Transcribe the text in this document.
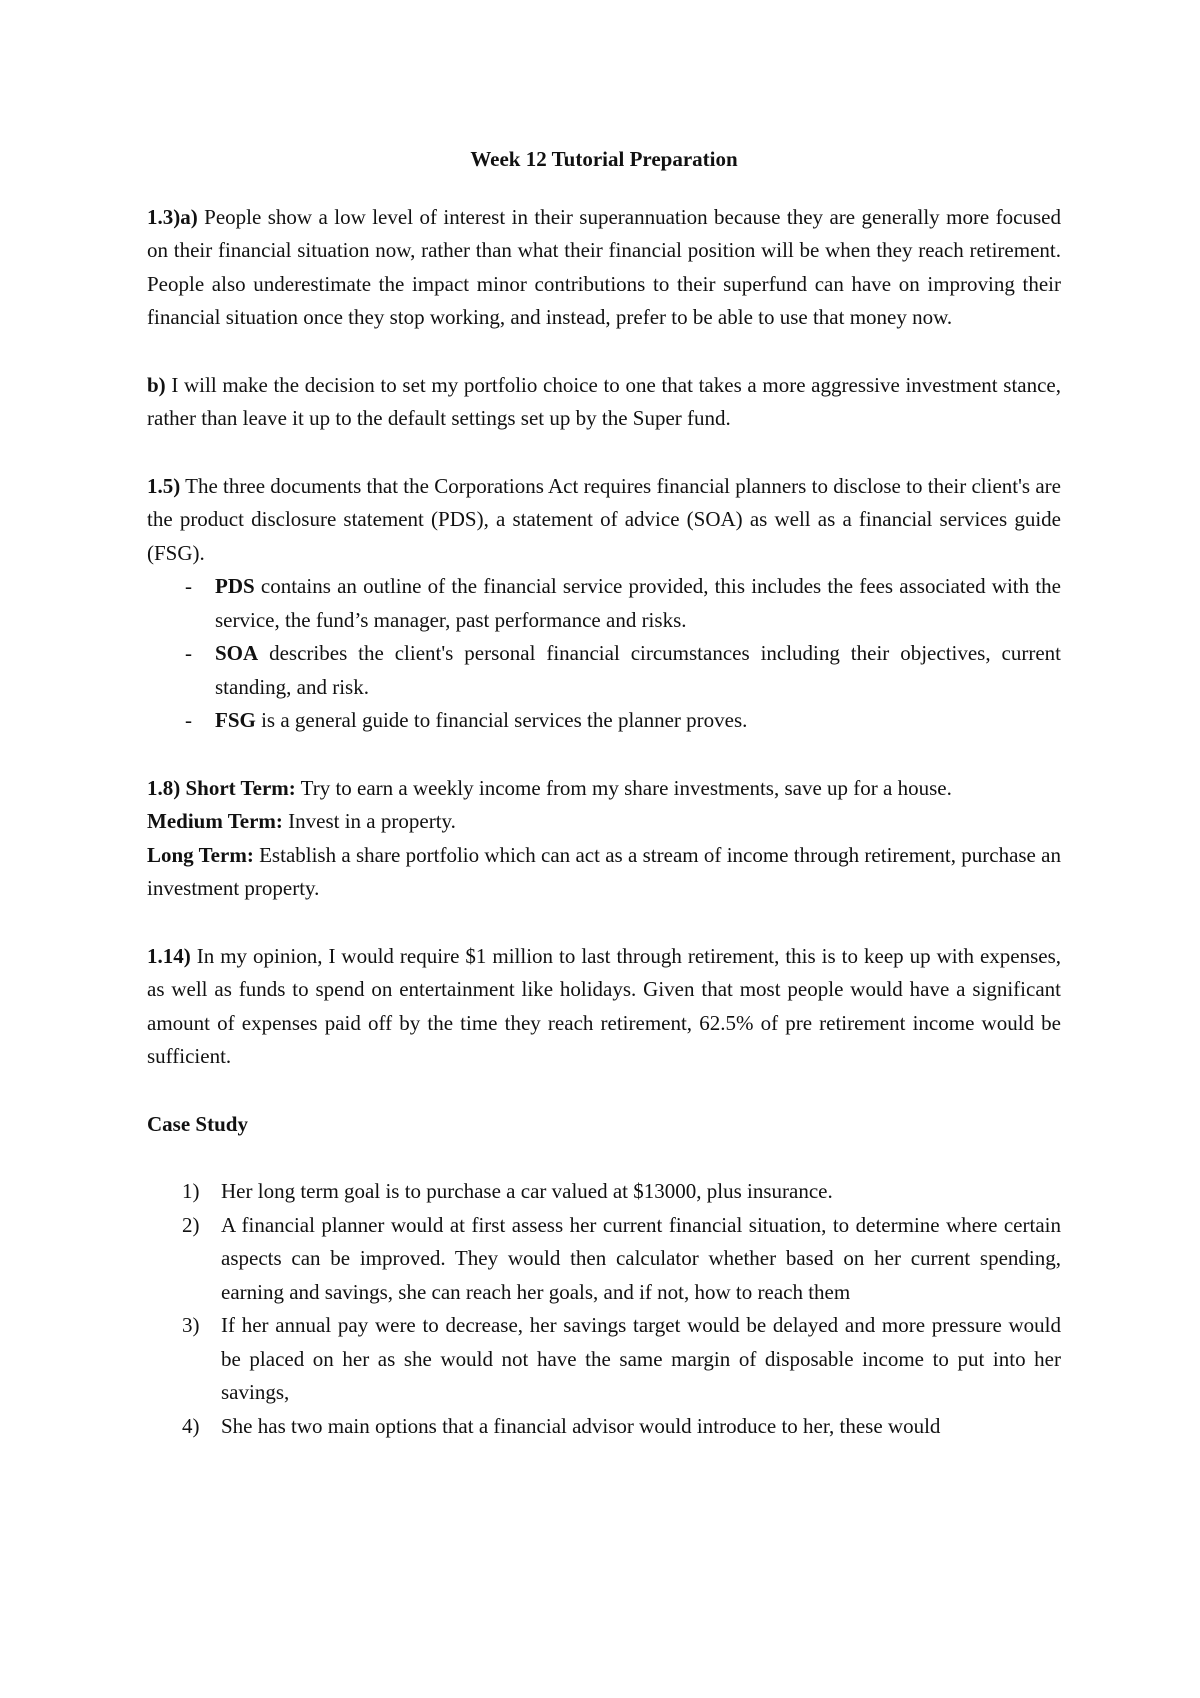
Week 12 Tutorial Preparation

1.3)a) People show a low level of interest in their superannuation because they are generally more focused on their financial situation now, rather than what their financial position will be when they reach retirement. People also underestimate the impact minor contributions to their superfund can have on improving their financial situation once they stop working, and instead, prefer to be able to use that money now.

b) I will make the decision to set my portfolio choice to one that takes a more aggressive investment stance, rather than leave it up to the default settings set up by the Super fund.

1.5) The three documents that the Corporations Act requires financial planners to disclose to their client's are the product disclosure statement (PDS), a statement of advice (SOA) as well as a financial services guide (FSG).

- PDS contains an outline of the financial service provided, this includes the fees associated with the service, the fund’s manager, past performance and risks.
- SOA describes the client's personal financial circumstances including their objectives, current standing, and risk.
- FSG is a general guide to financial services the planner proves.

1.8) Short Term: Try to earn a weekly income from my share investments, save up for a house.

Medium Term: Invest in a property.

Long Term: Establish a share portfolio which can act as a stream of income through retirement, purchase an investment property.

1.14) In my opinion, I would require $1 million to last through retirement, this is to keep up with expenses, as well as funds to spend on entertainment like holidays. Given that most people would have a significant amount of expenses paid off by the time they reach retirement, 62.5% of pre retirement income would be sufficient.

Case Study

1) Her long term goal is to purchase a car valued at $13000, plus insurance.
2) A financial planner would at first assess her current financial situation, to determine where certain aspects can be improved. They would then calculator whether based on her current spending, earning and savings, she can reach her goals, and if not, how to reach them
3) If her annual pay were to decrease, her savings target would be delayed and more pressure would be placed on her as she would not have the same margin of disposable income to put into her savings,
4) She has two main options that a financial advisor would introduce to her, these would
